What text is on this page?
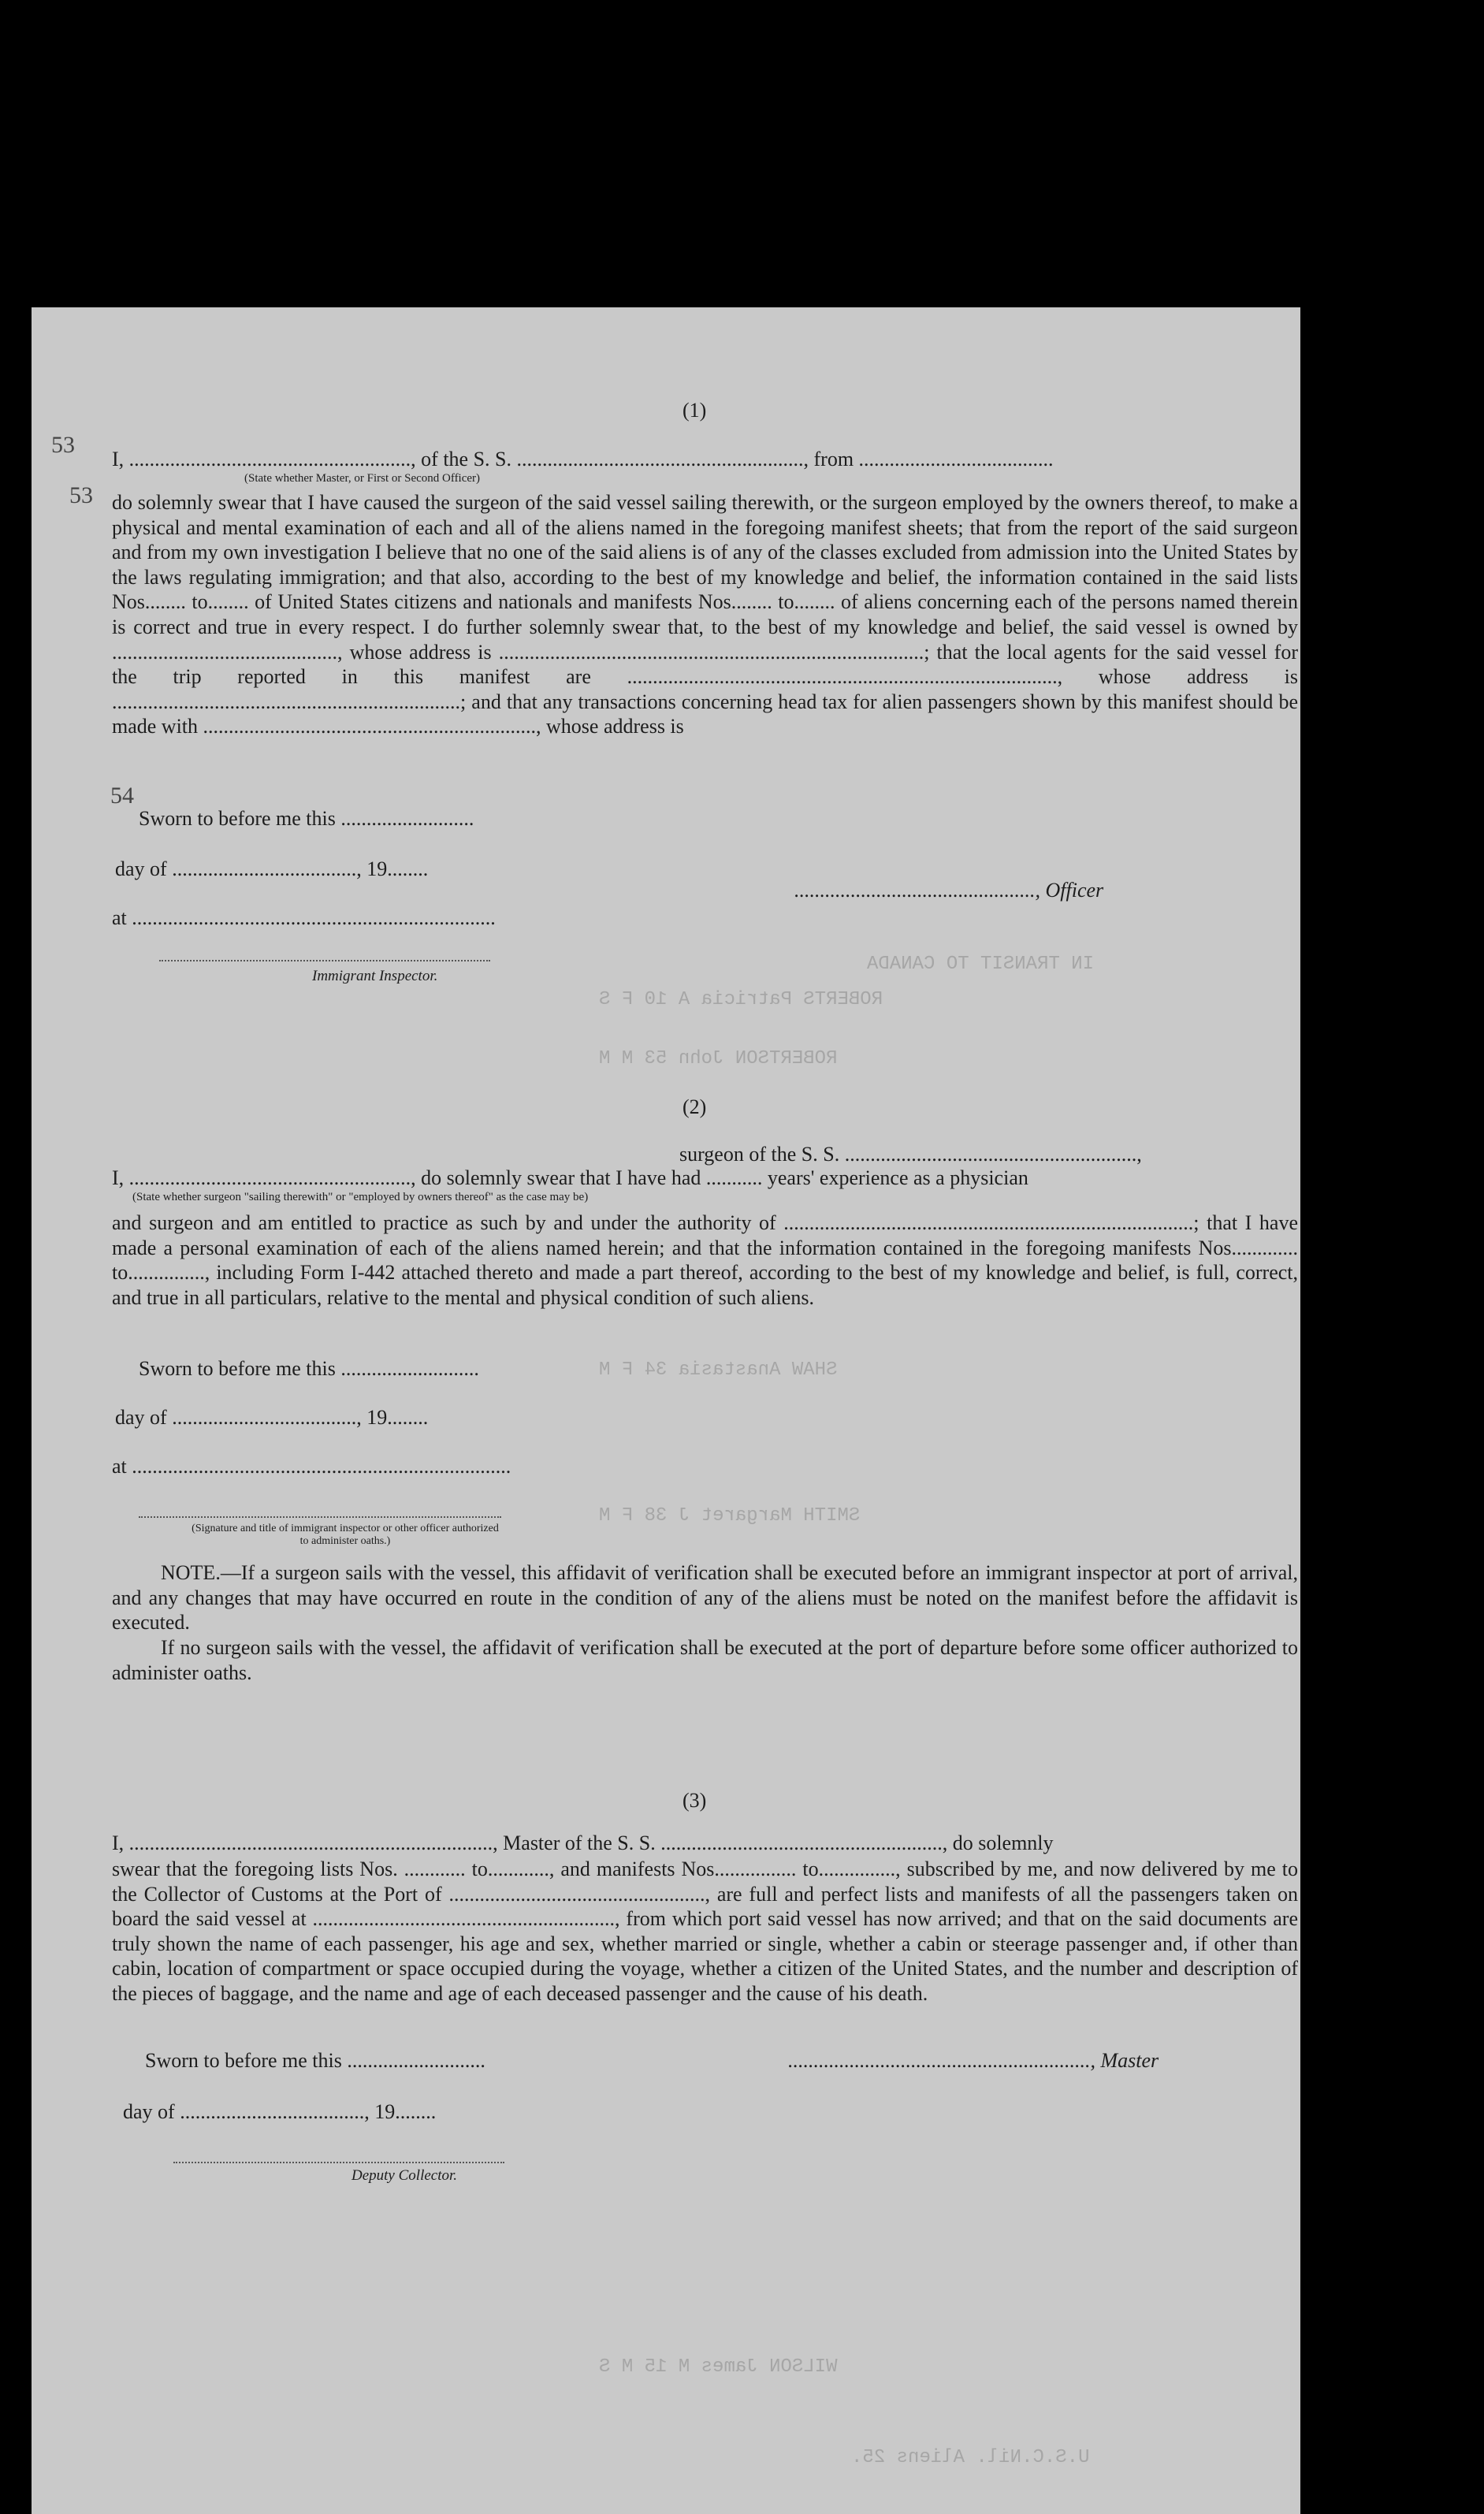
IN TRANSIT TO CANADA
ROBERTS Patricia A 10 F S
ROBERTSON John 53 M M
SHAW Anastasia 34 F M
SMITH Margaret J 38 F M
WILSON James M 15 M S
U.S.C.Nil. Aliens 25.
53
53
54
(1)
I, ......................................................., of the S. S. ........................................................, from ......................................
(State whether Master, or First or Second Officer)
do solemnly swear that I have caused the surgeon of the said vessel sailing therewith, or the surgeon employed by the owners thereof, to make a physical and mental examination of each and all of the aliens named in the foregoing manifest sheets; that from the report of the said surgeon and from my own investigation I believe that no one of the said aliens is of any of the classes excluded from admission into the United States by the laws regulating immigration; and that also, according to the best of my knowledge and belief, the information contained in the said lists Nos........ to........ of United States citizens and nationals and manifests Nos........ to........ of aliens concerning each of the persons named therein is correct and true in every respect. I do further solemnly swear that, to the best of my knowledge and belief, the said vessel is owned by ............................................, whose address is ...................................................................................; that the local agents for the said vessel for the trip reported in this manifest are ...................................................................................., whose address is ....................................................................; and that any transactions concerning head tax for alien passengers shown by this manifest should be made with ................................................................., whose address is
Sworn to before me this ..........................
day of ...................................., 19........
at .......................................................................
..............................................., Officer
Immigrant Inspector.
(2)
I, ......................................................., do solemnly swear that I have had ........... years' experience as a physician
surgeon of the S. S. .........................................................,
(State whether surgeon "sailing therewith" or "employed by owners thereof" as the case may be)
and surgeon and am entitled to practice as such by and under the authority of ................................................................................; that I have made a personal examination of each of the aliens named herein; and that the information contained in the foregoing manifests Nos............. to..............., including Form I-442 attached thereto and made a part thereof, according to the best of my knowledge and belief, is full, correct, and true in all particulars, relative to the mental and physical condition of such aliens.
Sworn to before me this ...........................
day of ...................................., 19........
at ..........................................................................
(Signature and title of immigrant inspector or other officer authorized to administer oaths.)
NOTE.—If a surgeon sails with the vessel, this affidavit of verification shall be executed before an immigrant inspector at port of arrival, and any changes that may have occurred en route in the condition of any of the aliens must be noted on the manifest before the affidavit is executed.
If no surgeon sails with the vessel, the affidavit of verification shall be executed at the port of departure before some officer authorized to administer oaths.
(3)
I, ......................................................................., Master of the S. S. ......................................................., do solemnly
swear that the foregoing lists Nos. ............ to............, and manifests Nos................ to..............., subscribed by me, and now delivered by me to the Collector of Customs at the Port of .................................................., are full and perfect lists and manifests of all the passengers taken on board the said vessel at ..........................................................., from which port said vessel has now arrived; and that on the said documents are truly shown the name of each passenger, his age and sex, whether married or single, whether a cabin or steerage passenger and, if other than cabin, location of compartment or space occupied during the voyage, whether a citizen of the United States, and the number and description of the pieces of baggage, and the name and age of each deceased passenger and the cause of his death.
Sworn to before me this ...........................	..........................................................., Master
day of ...................................., 19........
Deputy Collector.
